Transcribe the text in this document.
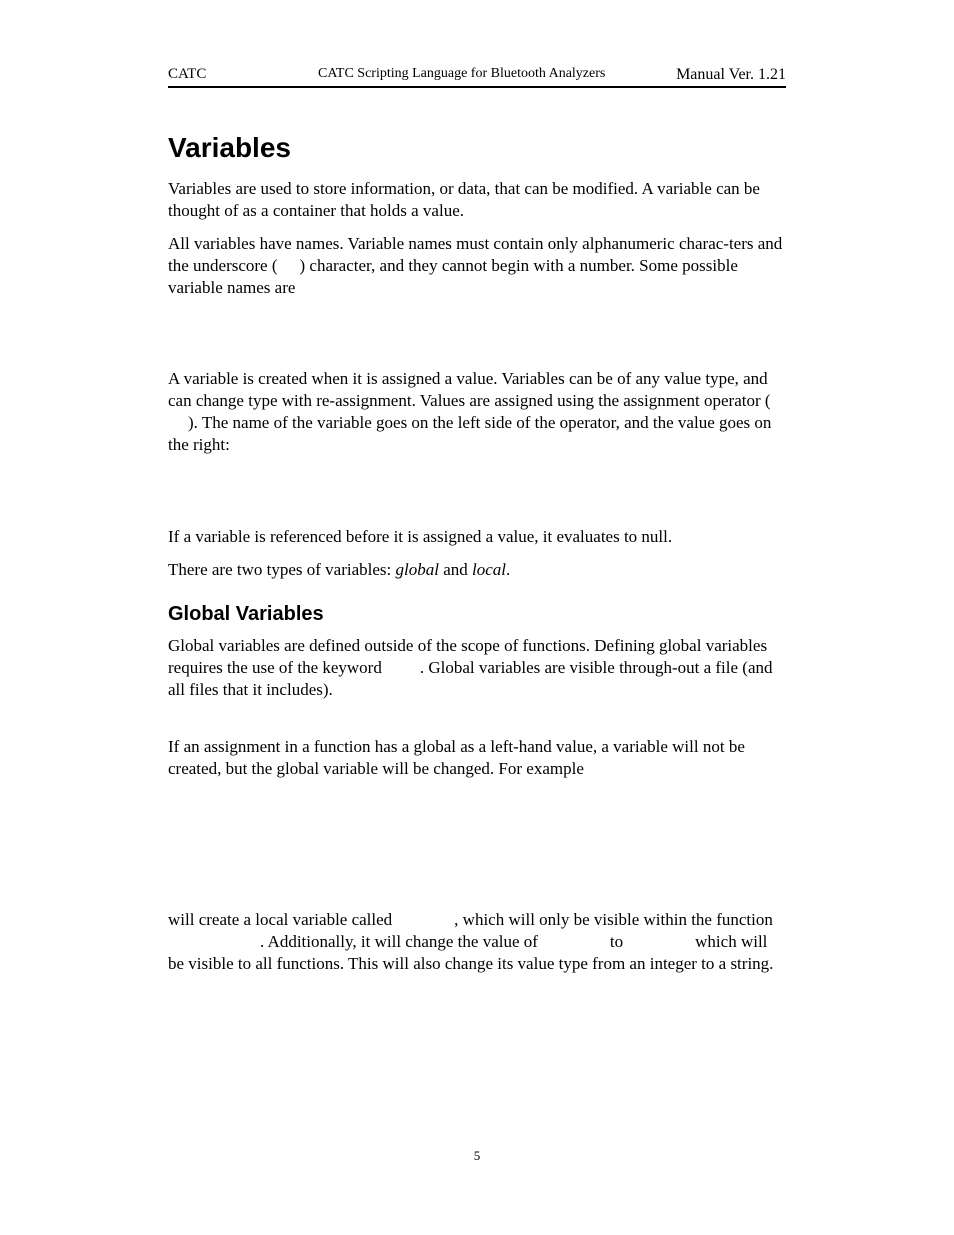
CATC	CATC Scripting Language for Bluetooth Analyzers	Manual Ver. 1.21
Variables

Variables are used to store information, or data, that can be modified. A variable can be thought of as a container that holds a value.

All variables have names. Variable names must contain only alphanumeric charac-ters and the underscore ( ) character, and they cannot begin with a number. Some possible variable names are

A variable is created when it is assigned a value. Variables can be of any value type, and can change type with re-assignment. Values are assigned using the assignment operator (). The name of the variable goes on the left side of the operator, and the value goes on the right:

If a variable is referenced before it is assigned a value, it evaluates to null.

There are two types of variables: global and local.

Global Variables

Global variables are defined outside of the scope of functions. Defining global variables requires the use of the keyword . Global variables are visible through-out a file (and all files that it includes).

If an assignment in a function has a global as a left-hand value, a variable will not be created, but the global variable will be changed. For example

will create a local variable called	, which will only be visible within the function. Additionally, it will change the value of	to	which will be visible to all functions. This will also change its value type from an integer to a string.

5
